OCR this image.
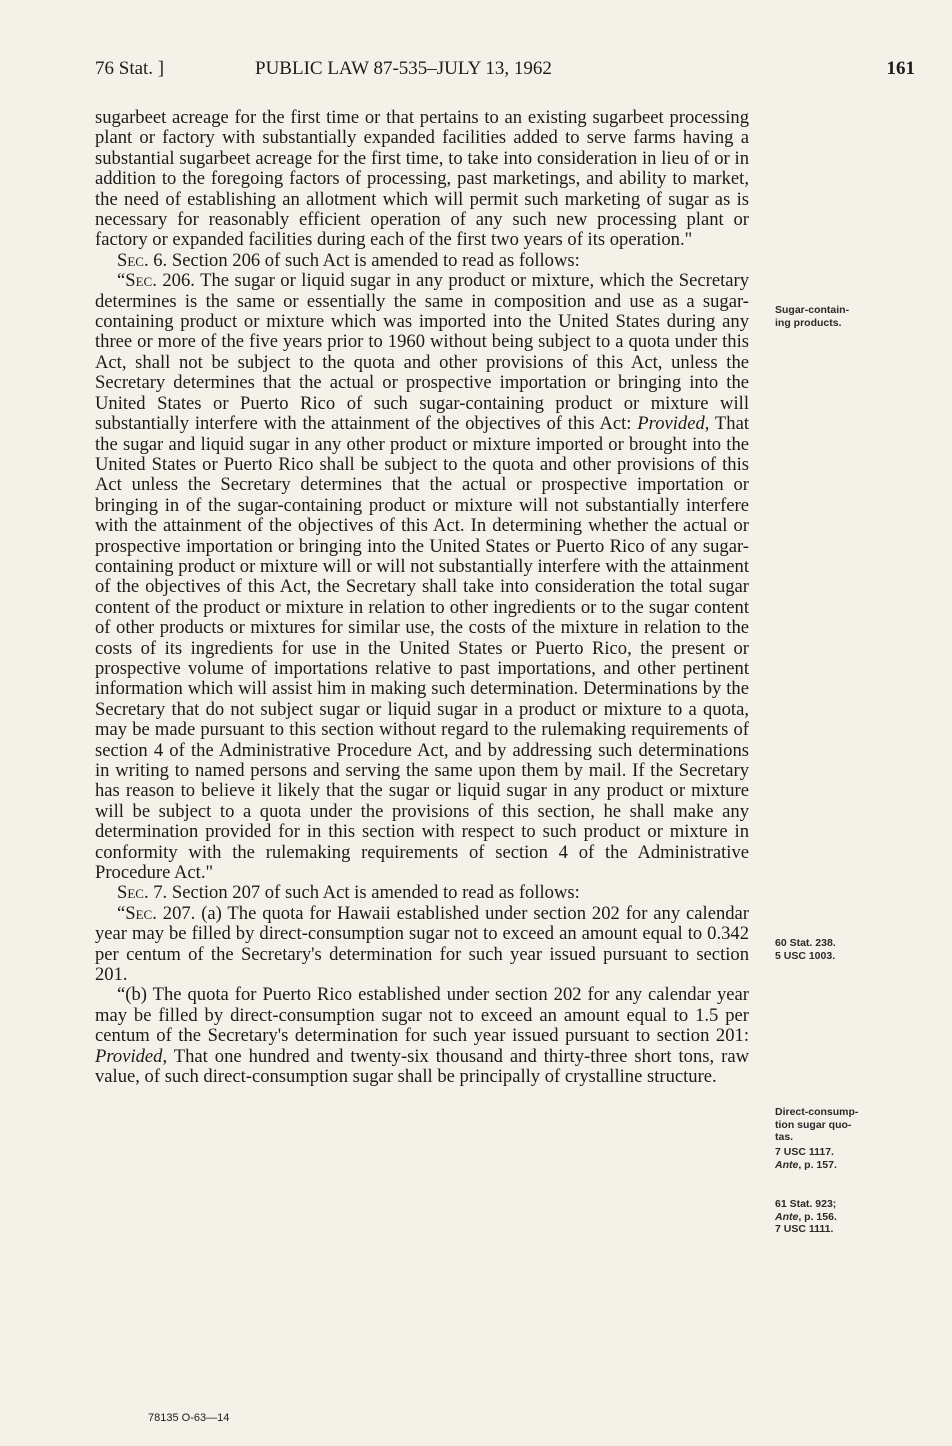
76 Stat. ]	PUBLIC LAW 87-535–JULY 13, 1962	161

sugarbeet acreage for the first time or that pertains to an existing sugarbeet processing plant or factory with substantially expanded facilities added to serve farms having a substantial sugarbeet acreage for the first time, to take into consideration in lieu of or in addition to the foregoing factors of processing, past marketings, and ability to market, the need of establishing an allotment which will permit such marketing of sugar as is necessary for reasonably efficient operation of any such new processing plant or factory or expanded facilities during each of the first two years of its operation."

Sec. 6. Section 206 of such Act is amended to read as follows:

“Sec. 206. The sugar or liquid sugar in any product or mixture, which the Secretary determines is the same or essentially the same in composition and use as a sugar-containing product or mixture which was imported into the United States during any three or more of the five years prior to 1960 without being subject to a quota under this Act, shall not be subject to the quota and other provisions of this Act, unless the Secretary determines that the actual or prospective importation or bringing into the United States or Puerto Rico of such sugar-containing product or mixture will substantially interfere with the attainment of the objectives of this Act: Provided, That the sugar and liquid sugar in any other product or mixture imported or brought into the United States or Puerto Rico shall be subject to the quota and other provisions of this Act unless the Secretary determines that the actual or prospective importation or bringing in of the sugar-containing product or mixture will not substantially interfere with the attainment of the objectives of this Act. In determining whether the actual or prospective importation or bringing into the United States or Puerto Rico of any sugar-containing product or mixture will or will not substantially interfere with the attainment of the objectives of this Act, the Secretary shall take into consideration the total sugar content of the product or mixture in relation to other ingredients or to the sugar content of other products or mixtures for similar use, the costs of the mixture in relation to the costs of its ingredients for use in the United States or Puerto Rico, the present or prospective volume of importations relative to past importations, and other pertinent information which will assist him in making such determination. Determinations by the Secretary that do not subject sugar or liquid sugar in a product or mixture to a quota, may be made pursuant to this section without regard to the rulemaking requirements of section 4 of the Administrative Procedure Act, and by addressing such determinations in writing to named persons and serving the same upon them by mail. If the Secretary has reason to believe it likely that the sugar or liquid sugar in any product or mixture will be subject to a quota under the provisions of this section, he shall make any determination provided for in this section with respect to such product or mixture in conformity with the rulemaking requirements of section 4 of the Administrative Procedure Act."

Sec. 7. Section 207 of such Act is amended to read as follows:

“Sec. 207. (a) The quota for Hawaii established under section 202 for any calendar year may be filled by direct-consumption sugar not to exceed an amount equal to 0.342 per centum of the Secretary's determination for such year issued pursuant to section 201.

“(b) The quota for Puerto Rico established under section 202 for any calendar year may be filled by direct-consumption sugar not to exceed an amount equal to 1.5 per centum of the Secretary's determination for such year issued pursuant to section 201: Provided, That one hundred and twenty-six thousand and thirty-three short tons, raw value, of such direct-consumption sugar shall be principally of crystalline structure.

Sugar-contain-
ing products.
60 Stat. 238.
5 USC 1003.
Direct-consump-
tion sugar quo-
tas.
7 USC 1117.
Ante, p. 157.
61 Stat. 923;
Ante, p. 156.
7 USC 1111.
78135 O-63—14
